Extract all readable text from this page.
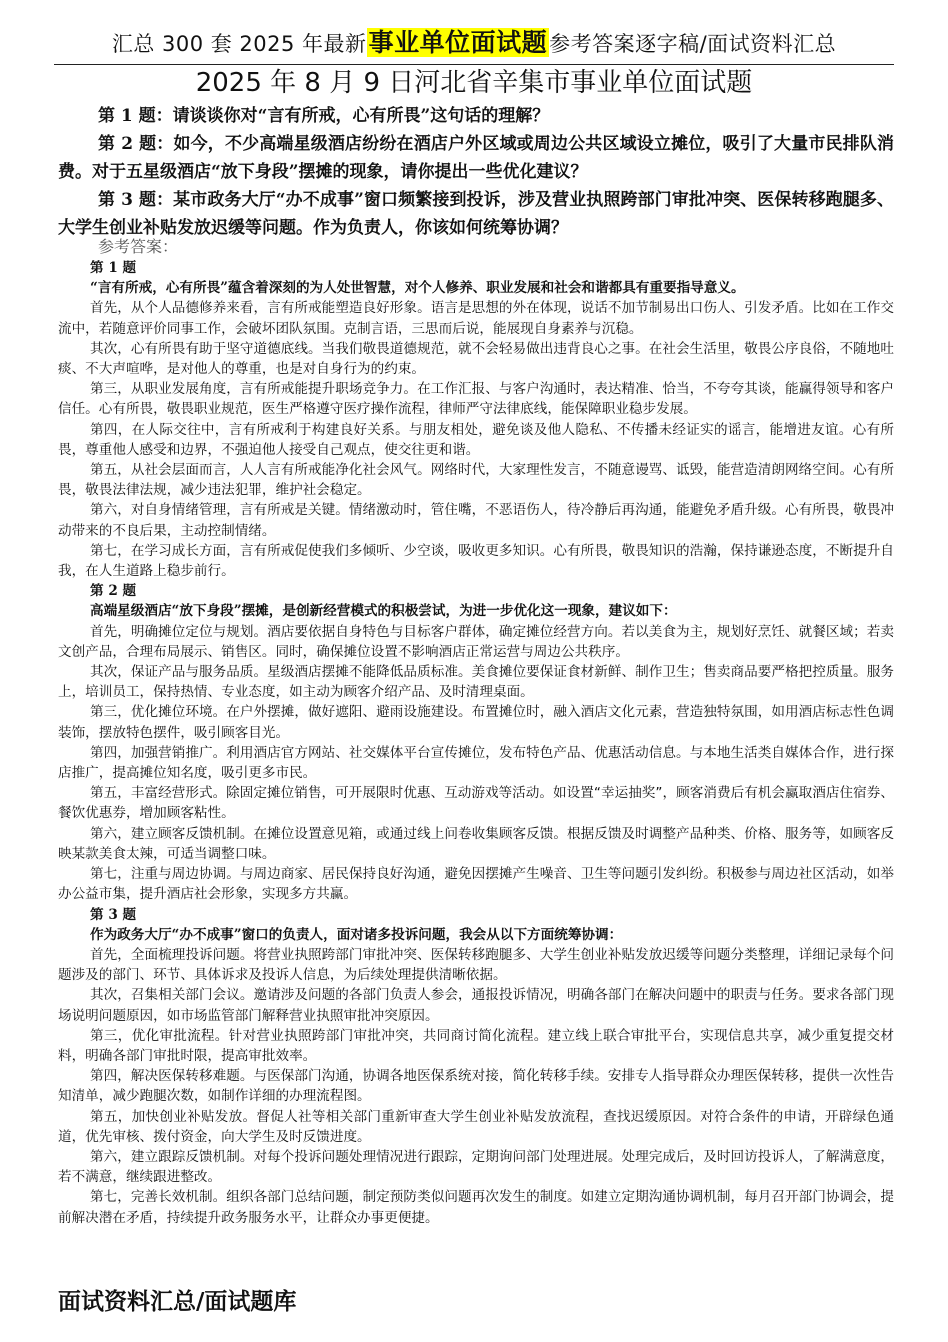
汇总 300 套 2025 年最新事业单位面试题参考答案逐字稿/面试资料汇总
2025 年 8 月 9 日河北省辛集市事业单位面试题

第 1 题：请谈谈你对“言有所戒，心有所畏”这句话的理解？

第 2 题：如今，不少高端星级酒店纷纷在酒店户外区域或周边公共区域设立摊位，吸引了大量市民排队消费。对于五星级酒店“放下身段”摆摊的现象，请你提出一些优化建议？

第 3 题：某市政务大厅“办不成事”窗口频繁接到投诉，涉及营业执照跨部门审批冲突、医保转移跑腿多、大学生创业补贴发放迟缓等问题。作为负责人，你该如何统筹协调？

参考答案：

第 1 题

“言有所戒，心有所畏”蕴含着深刻的为人处世智慧，对个人修养、职业发展和社会和谐都具有重要指导意义。

首先，从个人品德修养来看，言有所戒能塑造良好形象。语言是思想的外在体现，说话不加节制易出口伤人、引发矛盾。比如在工作交流中，若随意评价同事工作，会破坏团队氛围。克制言语，三思而后说，能展现自身素养与沉稳。

其次，心有所畏有助于坚守道德底线。当我们敬畏道德规范，就不会轻易做出违背良心之事。在社会生活里，敬畏公序良俗，不随地吐痰、不大声喧哗，是对他人的尊重，也是对自身行为的约束。

第三，从职业发展角度，言有所戒能提升职场竞争力。在工作汇报、与客户沟通时，表达精准、恰当，不夸夸其谈，能赢得领导和客户信任。心有所畏，敬畏职业规范，医生严格遵守医疗操作流程，律师严守法律底线，能保障职业稳步发展。

第四，在人际交往中，言有所戒利于构建良好关系。与朋友相处，避免谈及他人隐私、不传播未经证实的谣言，能增进友谊。心有所畏，尊重他人感受和边界，不强迫他人接受自己观点，使交往更和谐。

第五，从社会层面而言，人人言有所戒能净化社会风气。网络时代，大家理性发言，不随意谩骂、诋毁，能营造清朗网络空间。心有所畏，敬畏法律法规，减少违法犯罪，维护社会稳定。

第六，对自身情绪管理，言有所戒是关键。情绪激动时，管住嘴，不恶语伤人，待冷静后再沟通，能避免矛盾升级。心有所畏，敬畏冲动带来的不良后果，主动控制情绪。

第七，在学习成长方面，言有所戒促使我们多倾听、少空谈，吸收更多知识。心有所畏，敬畏知识的浩瀚，保持谦逊态度，不断提升自我，在人生道路上稳步前行。

第 2 题

高端星级酒店“放下身段”摆摊，是创新经营模式的积极尝试，为进一步优化这一现象，建议如下：

首先，明确摊位定位与规划。酒店要依据自身特色与目标客户群体，确定摊位经营方向。若以美食为主，规划好烹饪、就餐区域；若卖文创产品，合理布局展示、销售区。同时，确保摊位设置不影响酒店正常运营与周边公共秩序。

其次，保证产品与服务品质。星级酒店摆摊不能降低品质标准。美食摊位要保证食材新鲜、制作卫生；售卖商品要严格把控质量。服务上，培训员工，保持热情、专业态度，如主动为顾客介绍产品、及时清理桌面。

第三，优化摊位环境。在户外摆摊，做好遮阳、避雨设施建设。布置摊位时，融入酒店文化元素，营造独特氛围，如用酒店标志性色调装饰，摆放特色摆件，吸引顾客目光。

第四，加强营销推广。利用酒店官方网站、社交媒体平台宣传摊位，发布特色产品、优惠活动信息。与本地生活类自媒体合作，进行探店推广，提高摊位知名度，吸引更多市民。

第五，丰富经营形式。除固定摊位销售，可开展限时优惠、互动游戏等活动。如设置“幸运抽奖”，顾客消费后有机会赢取酒店住宿券、餐饮优惠券，增加顾客粘性。

第六，建立顾客反馈机制。在摊位设置意见箱，或通过线上问卷收集顾客反馈。根据反馈及时调整产品种类、价格、服务等，如顾客反映某款美食太辣，可适当调整口味。

第七，注重与周边协调。与周边商家、居民保持良好沟通，避免因摆摊产生噪音、卫生等问题引发纠纷。积极参与周边社区活动，如举办公益市集，提升酒店社会形象，实现多方共赢。

第 3 题

作为政务大厅“办不成事”窗口的负责人，面对诸多投诉问题，我会从以下方面统筹协调：

首先，全面梳理投诉问题。将营业执照跨部门审批冲突、医保转移跑腿多、大学生创业补贴发放迟缓等问题分类整理，详细记录每个问题涉及的部门、环节、具体诉求及投诉人信息，为后续处理提供清晰依据。

其次，召集相关部门会议。邀请涉及问题的各部门负责人参会，通报投诉情况，明确各部门在解决问题中的职责与任务。要求各部门现场说明问题原因，如市场监管部门解释营业执照审批冲突原因。

第三，优化审批流程。针对营业执照跨部门审批冲突，共同商讨简化流程。建立线上联合审批平台，实现信息共享，减少重复提交材料，明确各部门审批时限，提高审批效率。

第四，解决医保转移难题。与医保部门沟通，协调各地医保系统对接，简化转移手续。安排专人指导群众办理医保转移，提供一次性告知清单，减少跑腿次数，如制作详细的办理流程图。

第五，加快创业补贴发放。督促人社等相关部门重新审查大学生创业补贴发放流程，查找迟缓原因。对符合条件的申请，开辟绿色通道，优先审核、拨付资金，向大学生及时反馈进度。

第六，建立跟踪反馈机制。对每个投诉问题处理情况进行跟踪，定期询问部门处理进展。处理完成后，及时回访投诉人，了解满意度，若不满意，继续跟进整改。

第七，完善长效机制。组织各部门总结问题，制定预防类似问题再次发生的制度。如建立定期沟通协调机制，每月召开部门协调会，提前解决潜在矛盾，持续提升政务服务水平，让群众办事更便捷。

面试资料汇总/面试题库
